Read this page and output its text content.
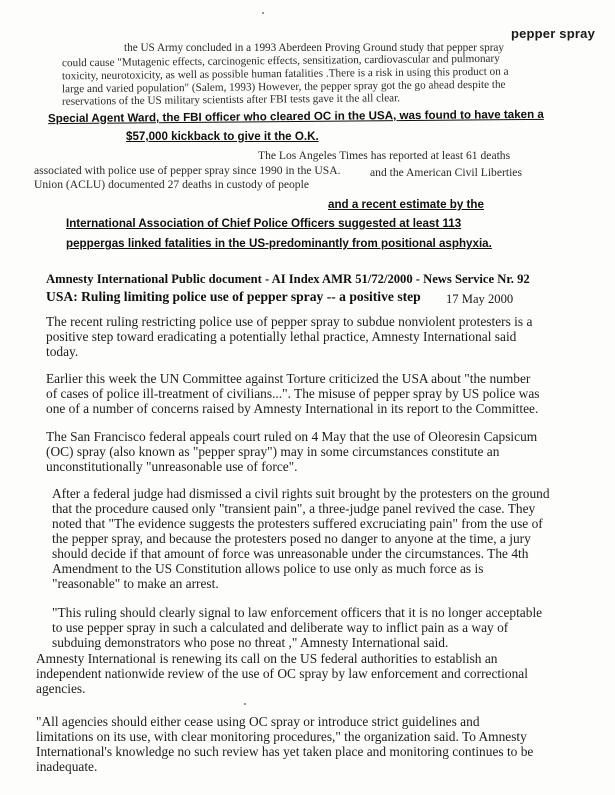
pepper spray
the US Army concluded in a 1993 Aberdeen Proving Ground study that pepper spray
could cause "Mutagenic effects, carcinogenic effects, sensitization, cardiovascular and pulmonary
toxicity, neurotoxicity, as well as possible human fatalities .There is a risk in using this product on a
large and varied population" (Salem, 1993) However, the pepper spray got the go ahead despite the
reservations of the US military scientists after FBI tests gave it the all clear.
Special Agent Ward, the FBI officer who cleared OC in the USA, was found to have taken a
$57,000 kickback to give it the O.K.
The Los Angeles Times has reported at least 61 deaths
associated with police use of pepper spray since 1990 in the USA.	and the American Civil Liberties
Union (ACLU) documented 27 deaths in custody of people
and a recent estimate by the
International Association of Chief Police Officers suggested at least 113
peppergas linked fatalities in the US-predominantly from positional asphyxia.
Amnesty International Public document - AI Index AMR 51/72/2000 - News Service Nr. 92
USA: Ruling limiting police use of pepper spray -- a positive step 17 May 2000
The recent ruling restricting police use of pepper spray to subdue nonviolent protesters is a
positive step toward eradicating a potentially lethal practice, Amnesty International said
today.
Earlier this week the UN Committee against Torture criticized the USA about "the number
of cases of police ill-treatment of civilians...". The misuse of pepper spray by US police was
one of a number of concerns raised by Amnesty International in its report to the Committee.
The San Francisco federal appeals court ruled on 4 May that the use of Oleoresin Capsicum
(OC) spray (also known as "pepper spray") may in some circumstances constitute an
unconstitutionally "unreasonable use of force".
After a federal judge had dismissed a civil rights suit brought by the protesters on the ground
that the procedure caused only "transient pain", a three-judge panel revived the case. They
noted that "The evidence suggests the protesters suffered excruciating pain" from the use of
the pepper spray, and because the protesters posed no danger to anyone at the time, a jury
should decide if that amount of force was unreasonable under the circumstances. The 4th
Amendment to the US Constitution allows police to use only as much force as is
"reasonable" to make an arrest.
"This ruling should clearly signal to law enforcement officers that it is no longer acceptable
to use pepper spray in such a calculated and deliberate way to inflict pain as a way of
subduing demonstrators who pose no threat ," Amnesty International said.
Amnesty International is renewing its call on the US federal authorities to establish an
independent nationwide review of the use of OC spray by law enforcement and correctional
agencies.
"All agencies should either cease using OC spray or introduce strict guidelines and
limitations on its use, with clear monitoring procedures," the organization said. To Amnesty
International's knowledge no such review has yet taken place and monitoring continues to be
inadequate.
